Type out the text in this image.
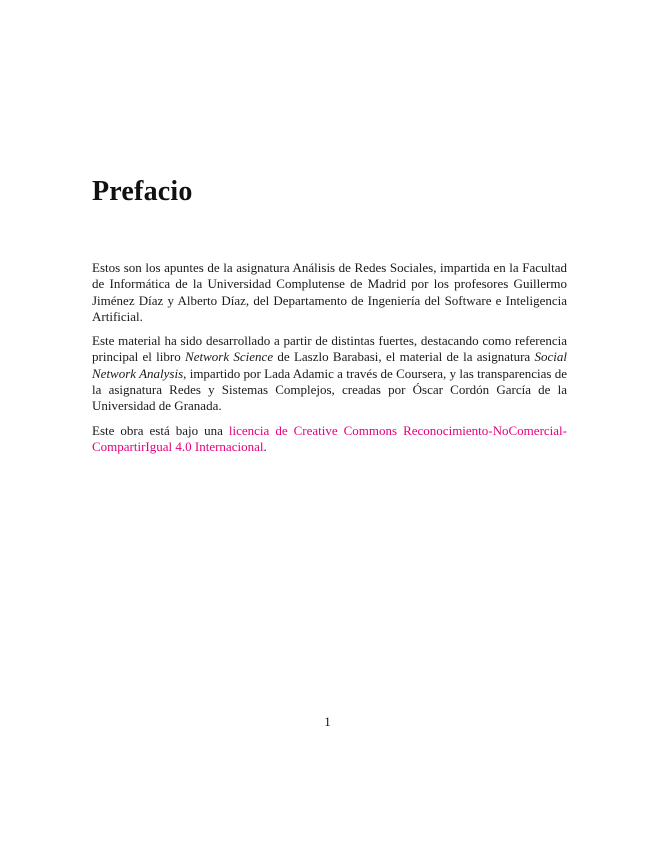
Prefacio

Estos son los apuntes de la asignatura Análisis de Redes Sociales, impartida en la Facultad de Informática de la Universidad Complutense de Madrid por los profesores Guillermo Jiménez Díaz y Alberto Díaz, del Departamento de Ingeniería del Software e Inteligencia Artificial.

Este material ha sido desarrollado a partir de distintas fuertes, destacando como referencia principal el libro Network Science de Laszlo Barabasi, el material de la asignatura Social Network Analysis, impartido por Lada Adamic a través de Coursera, y las transparencias de la asignatura Redes y Sistemas Complejos, creadas por Óscar Cordón García de la Universidad de Granada.

Este obra está bajo una licencia de Creative Commons Reconocimiento-NoComercial-CompartirIgual 4.0 Internacional.

1
